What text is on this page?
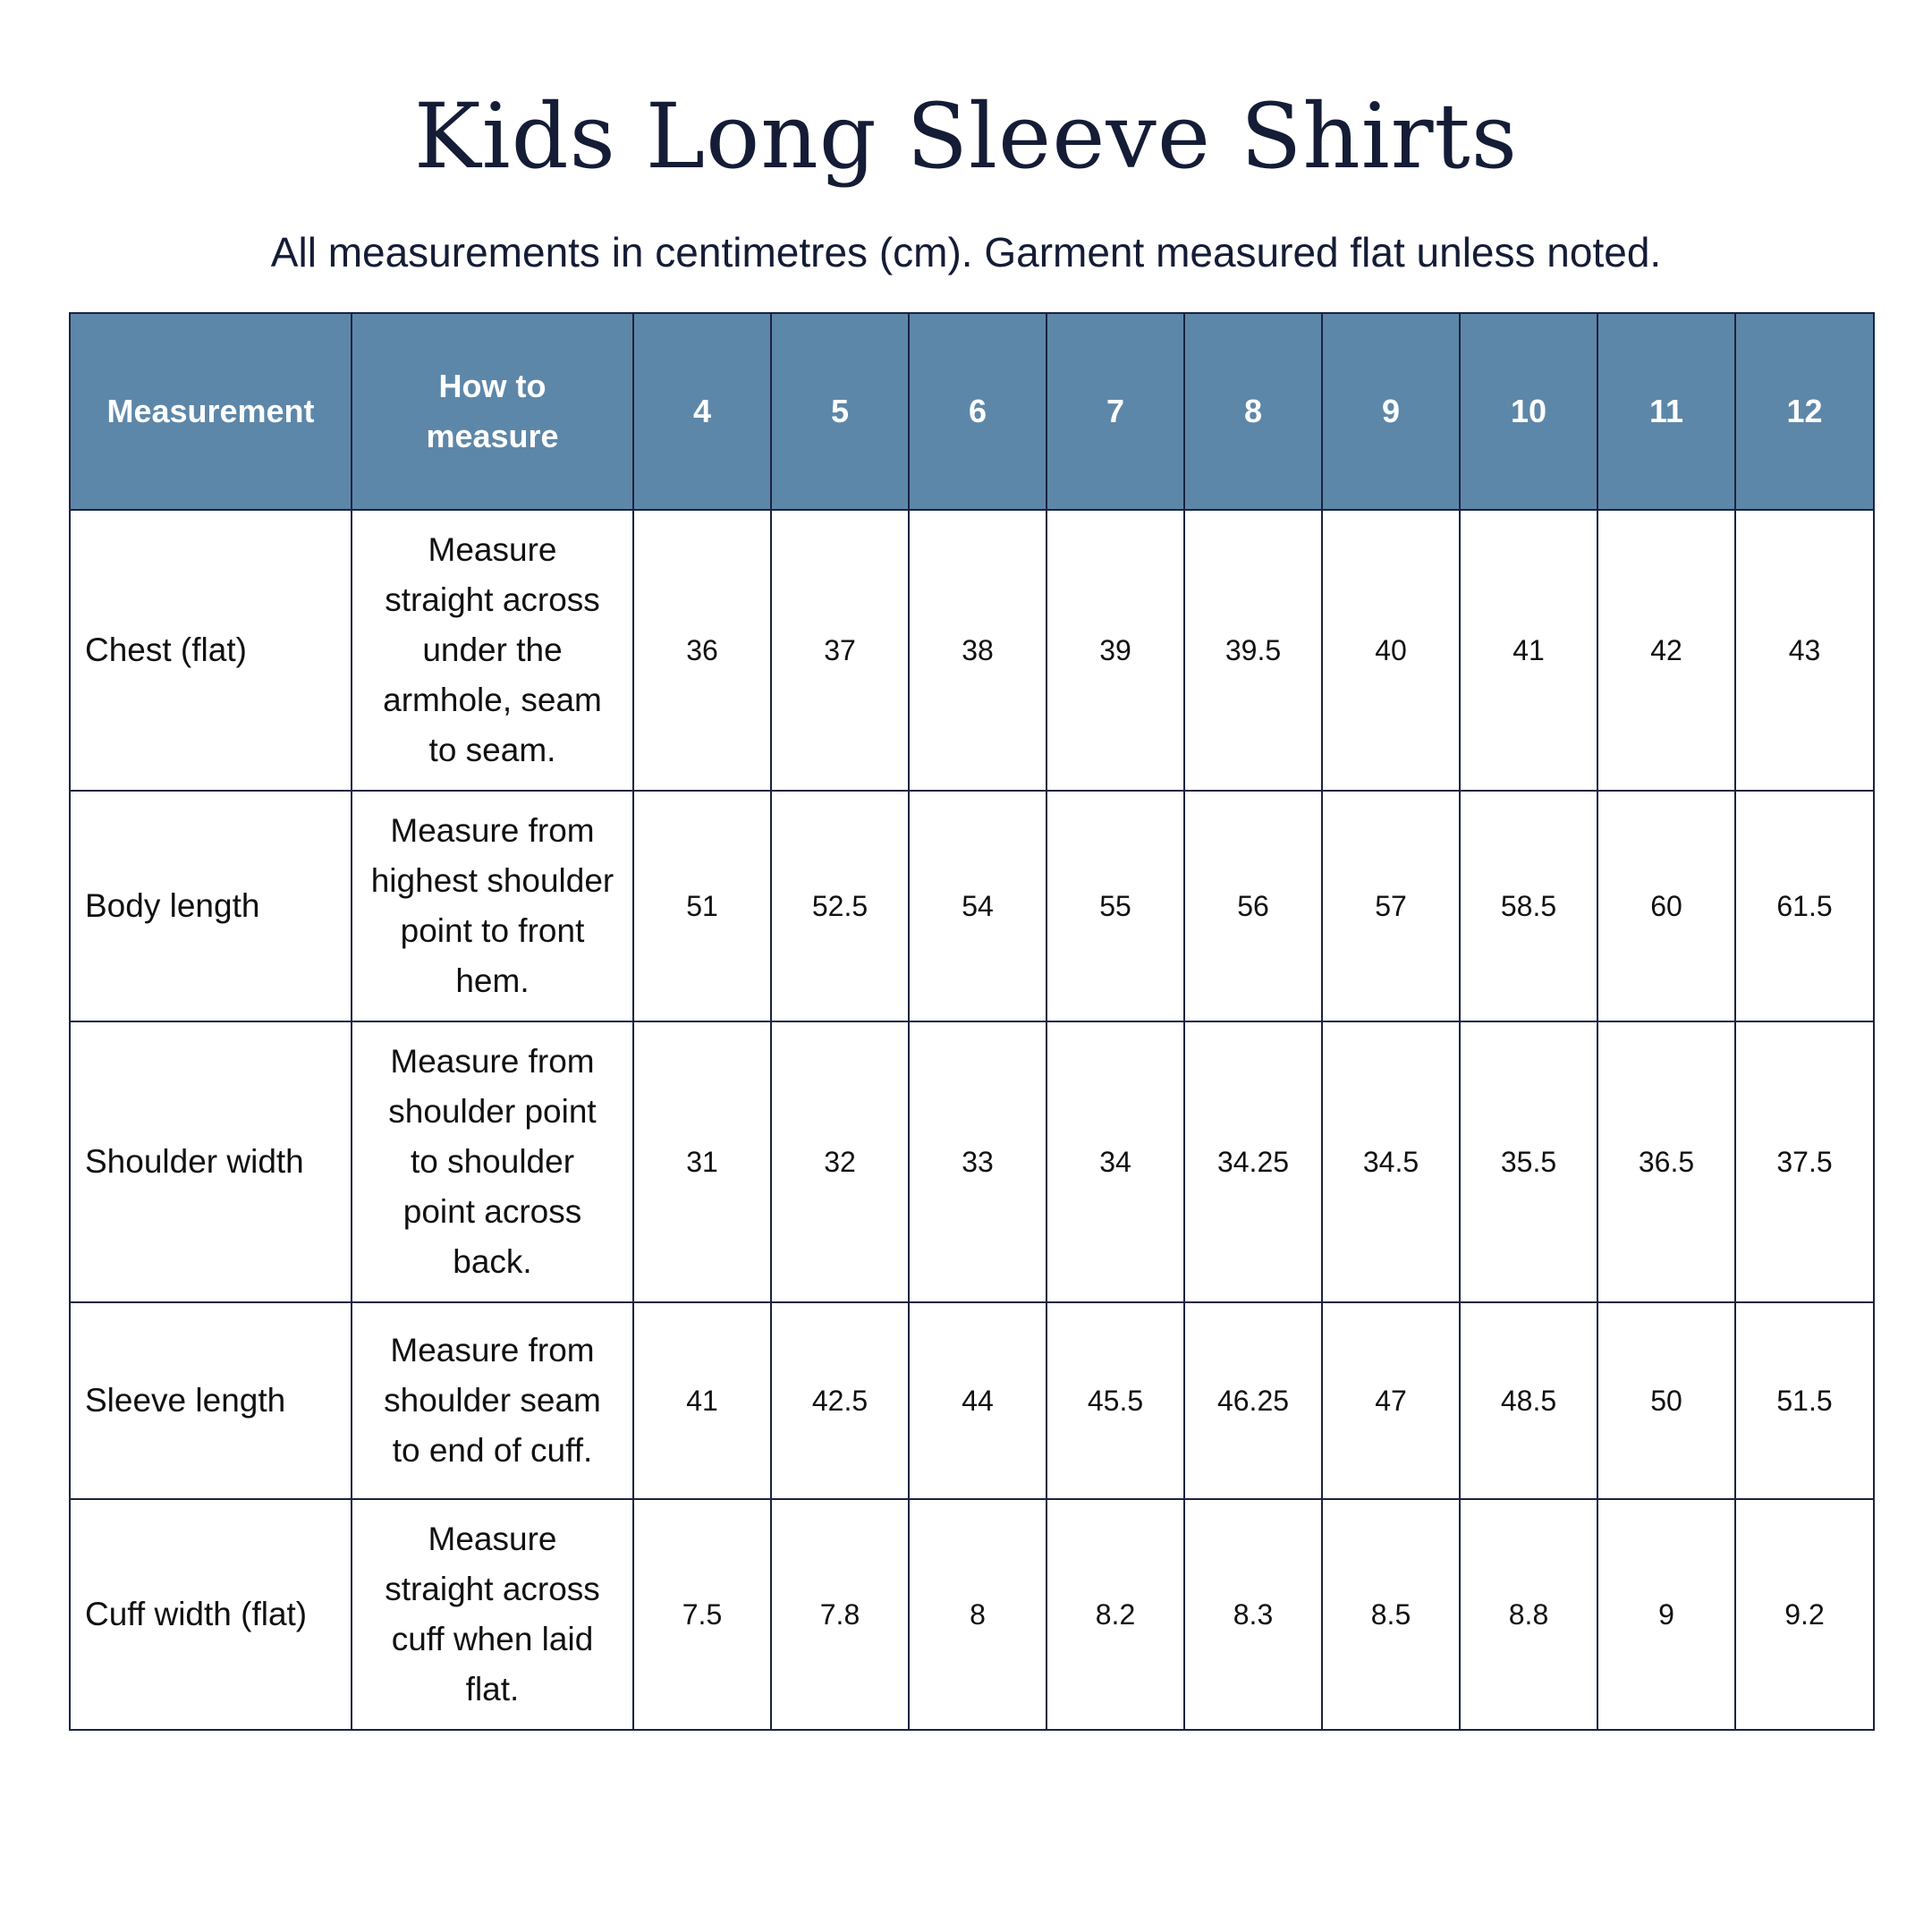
Kids Long Sleeve Shirts

All measurements in centimetres (cm). Garment measured flat unless noted.

Measurement	How to measure	4	5	6	7	8	9	10	11	12
Chest (flat)	Measure straight across under the armhole, seam to seam.	36	37	38	39	39.5	40	41	42	43
Body length	Measure from highest shoulder point to front hem.	51	52.5	54	55	56	57	58.5	60	61.5
Shoulder width	Measure from shoulder point to shoulder point across back.	31	32	33	34	34.25	34.5	35.5	36.5	37.5
Sleeve length	Measure from shoulder seam to end of cuff.	41	42.5	44	45.5	46.25	47	48.5	50	51.5
Cuff width (flat)	Measure straight across cuff when laid flat.	7.5	7.8	8	8.2	8.3	8.5	8.8	9	9.2
